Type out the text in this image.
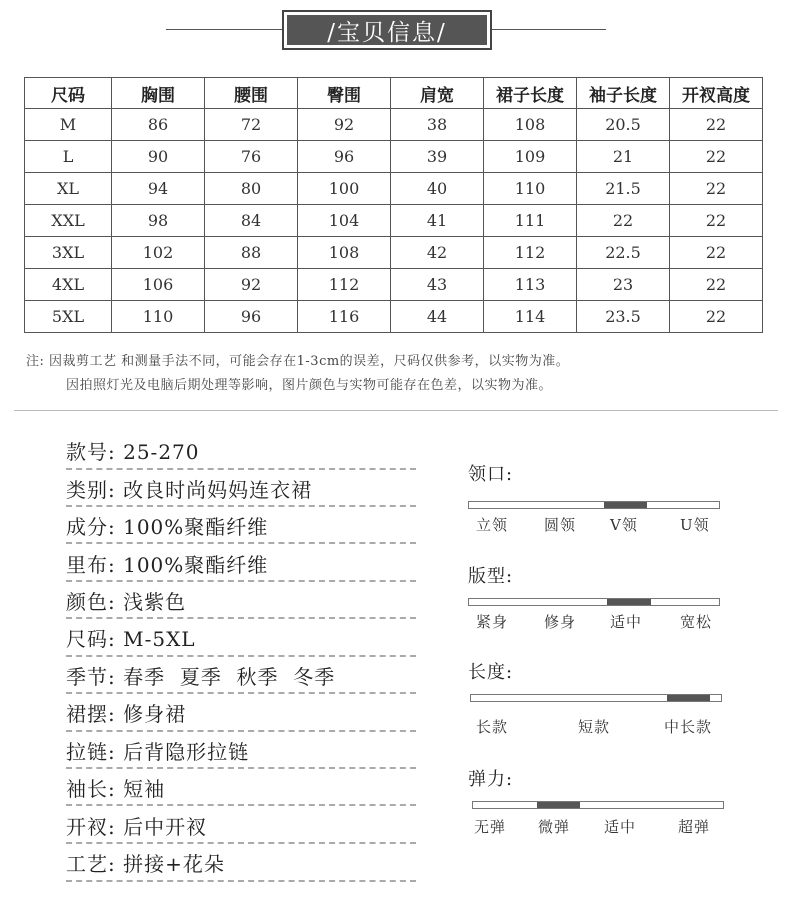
/宝贝信息/
尺码	胸围	腰围	臀围	肩宽	裙子长度	袖子长度	开衩高度
M	86	72	92	38	108	20.5	22
L	90	76	96	39	109	21	22
XL	94	80	100	40	110	21.5	22
XXL	98	84	104	41	111	22	22
3XL	102	88	108	42	112	22.5	22
4XL	106	92	112	43	113	23	22
5XL	110	96	116	44	114	23.5	22
注: 因裁剪工艺 和测量手法不同，可能会存在1-3cm的误差，尺码仅供参考，以实物为准。
因拍照灯光及电脑后期处理等影响，图片颜色与实物可能存在色差，以实物为准。
款号: 25-270
类别: 改良时尚妈妈连衣裙
成分: 100%聚酯纤维
里布: 100%聚酯纤维
颜色: 浅紫色
尺码: M-5XL
季节: 春季  夏季  秋季  冬季
裙摆: 修身裙
拉链: 后背隐形拉链
袖长: 短袖
开衩: 后中开衩
工艺: 拼接+花朵
领口:
立领 圆领 V领	U领
版型:
紧身 修身 适中	宽松
长度:
长款	短款	中长款
弹力:
无弹 微弹 适中	超弹
